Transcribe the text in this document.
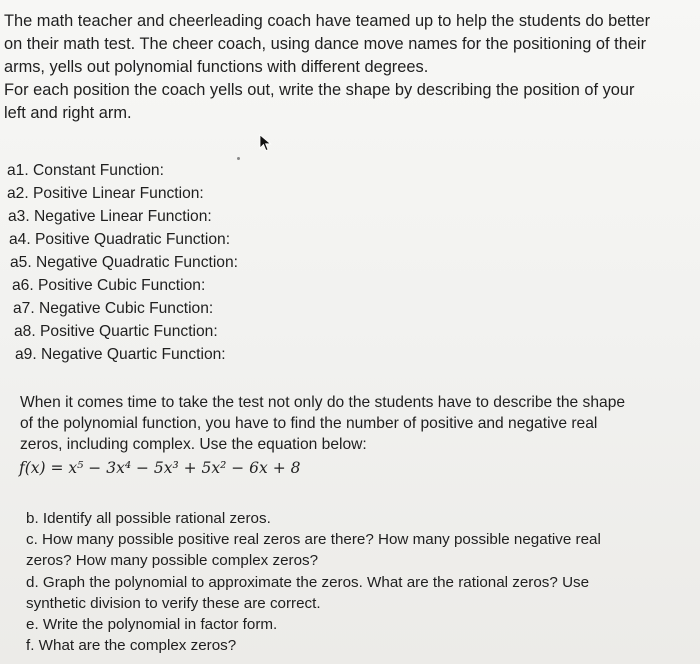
The math teacher and cheerleading coach have teamed up to help the students do better

on their math test. The cheer coach, using dance move names for the positioning of their

arms, yells out polynomial functions with different degrees.

For each position the coach yells out, write the shape by describing the position of your

left and right arm.

a1. Constant Function:
a2. Positive Linear Function:
a3. Negative Linear Function:
a4. Positive Quadratic Function:
a5. Negative Quadratic Function:
a6. Positive Cubic Function:
a7. Negative Cubic Function:
a8. Positive Quartic Function:
a9. Negative Quartic Function:

When it comes time to take the test not only do the students have to describe the shape

of the polynomial function, you have to find the number of positive and negative real

zeros, including complex. Use the equation below:

f(x) = x⁵ − 3x⁴ − 5x³ + 5x² − 6x + 8

b. Identify all possible rational zeros.

c. How many possible positive real zeros are there? How many possible negative real

zeros? How many possible complex zeros?

d. Graph the polynomial to approximate the zeros. What are the rational zeros? Use

synthetic division to verify these are correct.

e. Write the polynomial in factor form.

f. What are the complex zeros?
